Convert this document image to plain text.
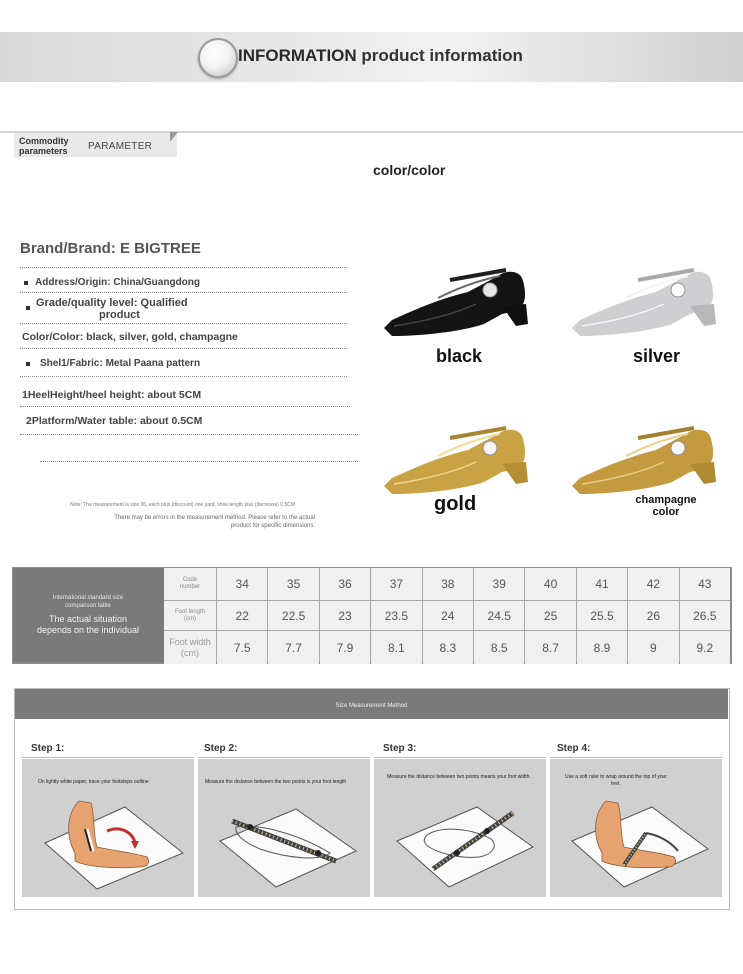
INFORMATION product information
Commodity
parameters PARAMETER
color/color
Brand/Brand: E BIGTREE
Address/Origin: China/Guangdong
Grade/quality level: Qualified
product
Color/Color: black, silver, gold, champagne
Shel1/Fabric: Metal Paana pattern
1HeelHeight/heel height: about 5CM
2Platform/Water table: about 0.5CM
Note: The measurement is size 36, each plus (discount) one yard, shoe length plus (decrease) 0.5CM
There may be errors in the measurement method. Please refer to the actual
product for specific dimensions.
black	silver
gold	champagne
color
International standard size
comparison table
The actual situation
depends on the individual
Code
number	34	35	36	37	38	39	40	41	42	43
Foot length
(cm)	22	22.5	23	23.5	24	24.5	25	25.5	26	26.5
Foot width
(cm)	7.5	7.7	7.9	8.1	8.3	8.5	8.7	8.9	9	9.2
Size Measurement Method
Step 1:
On lightly white paper, trace your footsteps outline
Step 2:
Measure the distance between the two points is your foot length
Step 3:
Measure the distance between two points means your foot width.
Step 4:
Use a soft ruler to wrap around the top of your feet.
